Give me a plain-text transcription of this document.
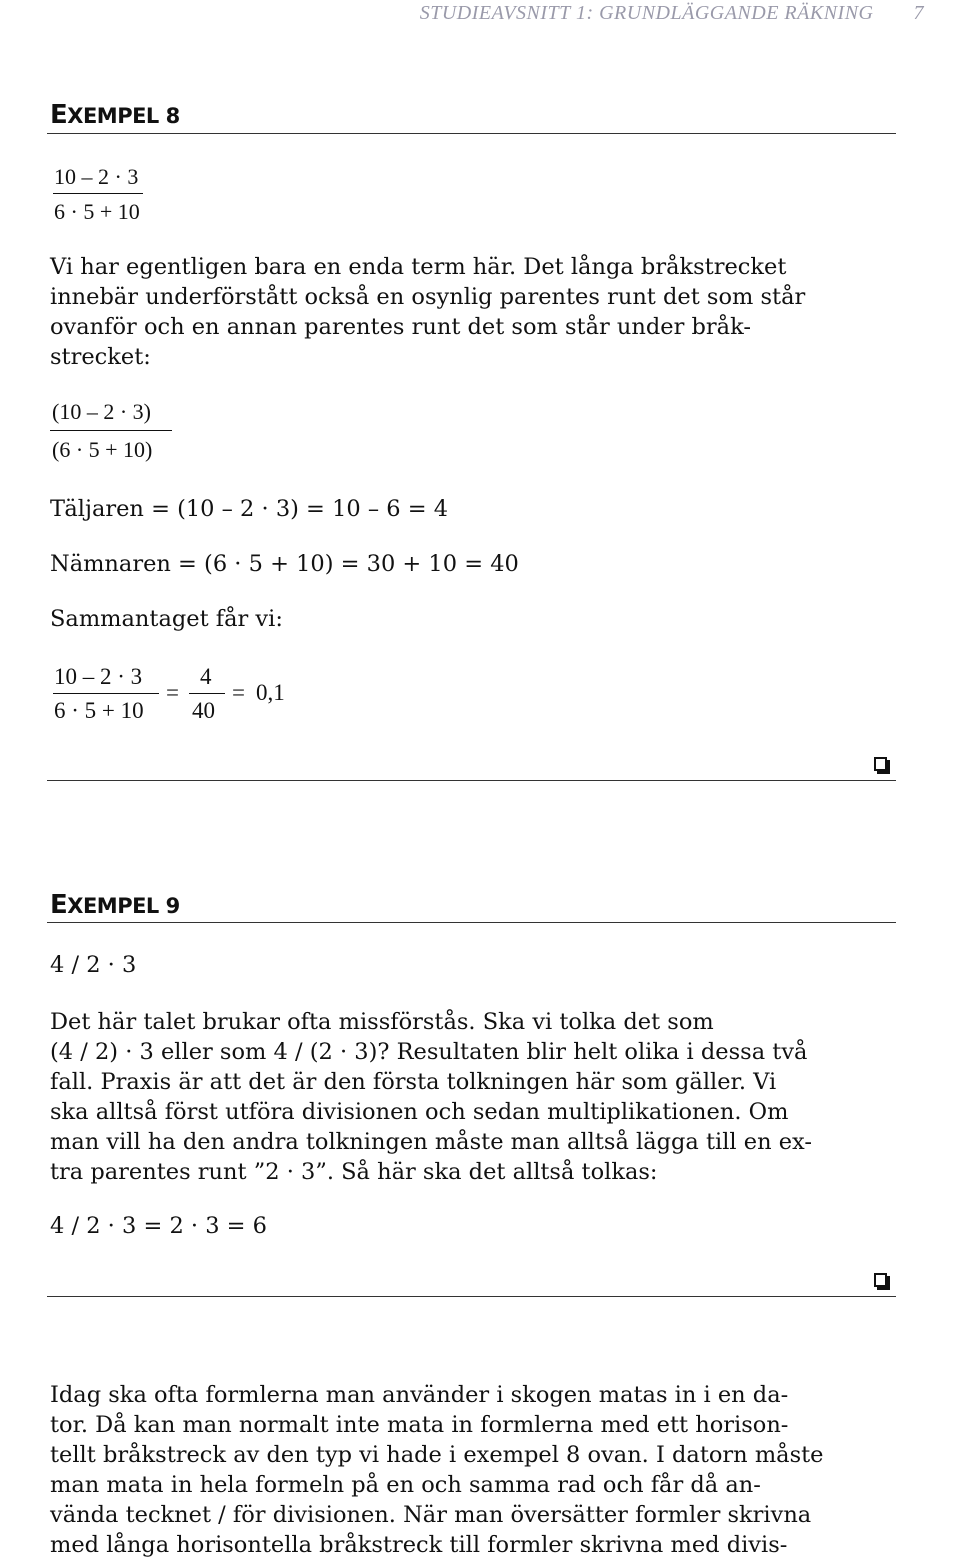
STUDIEAVSNITT 1: GRUNDLÄGGANDE RÄKNING 7
EXEMPEL 8
10 – 2 · 3
6 · 5 + 10
Vi har egentligen bara en enda term här. Det långa bråkstrecket
innebär underförstått också en osynlig parentes runt det som står
ovanför och en annan parentes runt det som står under bråk-
strecket:
(10 – 2 · 3)
(6 · 5 + 10)
Täljaren = (10 – 2 · 3) = 10 – 6 = 4
Nämnaren = (6 · 5 + 10) = 30 + 10 = 40
Sammantaget får vi:
10 – 2 · 3
6 · 5 + 10
=
4
40
= 0,1
EXEMPEL 9
4 / 2 · 3
Det här talet brukar ofta missförstås. Ska vi tolka det som
(4 / 2) · 3 eller som 4 / (2 · 3)? Resultaten blir helt olika i dessa två
fall. Praxis är att det är den första tolkningen här som gäller. Vi
ska alltså först utföra divisionen och sedan multiplikationen. Om
man vill ha den andra tolkningen måste man alltså lägga till en ex-
tra parentes runt ”2 · 3”. Så här ska det alltså tolkas:
4 / 2 · 3 = 2 · 3 = 6
Idag ska ofta formlerna man använder i skogen matas in i en da-
tor. Då kan man normalt inte mata in formlerna med ett horison-
tellt bråkstreck av den typ vi hade i exempel 8 ovan. I datorn måste
man mata in hela formeln på en och samma rad och får då an-
vända tecknet / för divisionen. När man översätter formler skrivna
med långa horisontella bråkstreck till formler skrivna med divis-
